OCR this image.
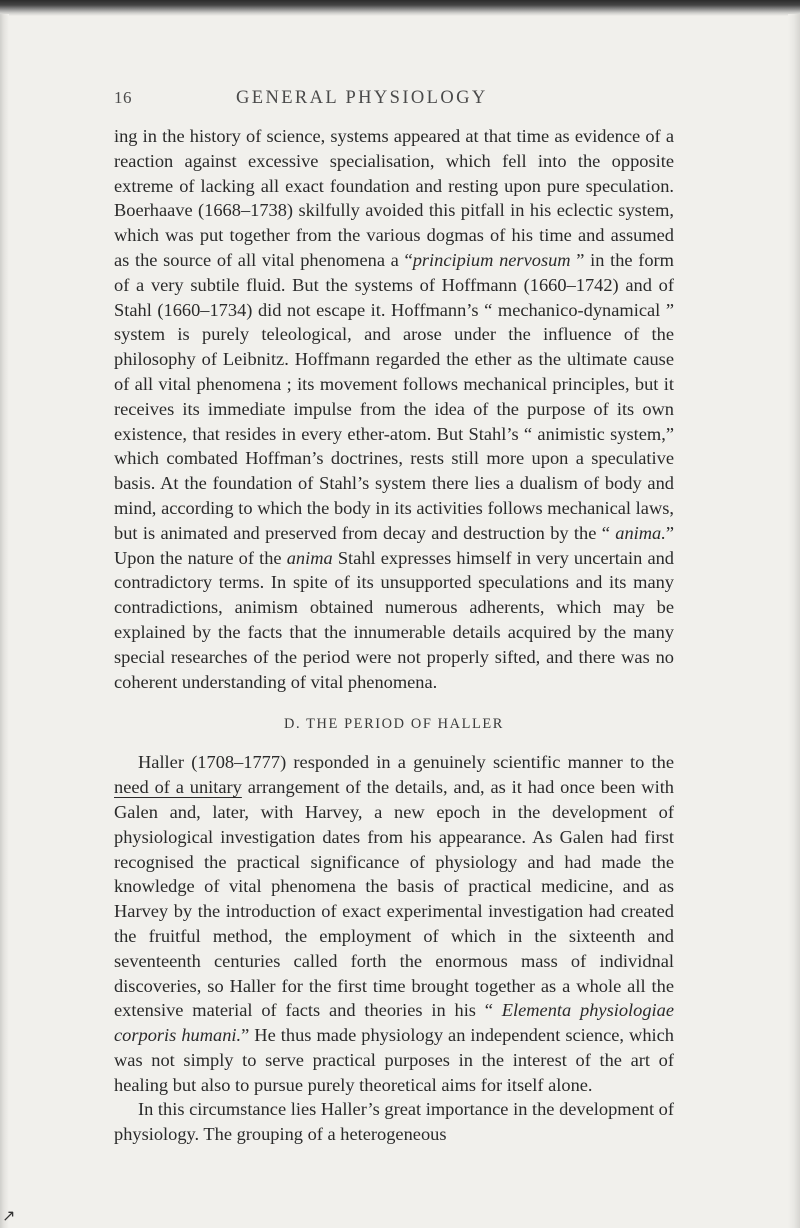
16	GENERAL PHYSIOLOGY

ing in the history of science, systems appeared at that time as evidence of a reaction against excessive specialisation, which fell into the opposite extreme of lacking all exact foundation and resting upon pure speculation. Boerhaave (1668–1738) skilfully avoided this pitfall in his eclectic system, which was put together from the various dogmas of his time and assumed as the source of all vital phenomena a “principium nervosum ” in the form of a very subtile fluid. But the systems of Hoffmann (1660–1742) and of Stahl (1660–1734) did not escape it. Hoffmann’s “ mechanico-dynamical ” system is purely teleological, and arose under the influence of the philosophy of Leibnitz. Hoffmann regarded the ether as the ultimate cause of all vital phenomena ; its movement follows mechanical principles, but it receives its immediate impulse from the idea of the purpose of its own existence, that resides in every ether-atom. But Stahl’s “ animistic system,” which combated Hoffman’s doctrines, rests still more upon a speculative basis. At the foundation of Stahl’s system there lies a dualism of body and mind, according to which the body in its activities follows mechanical laws, but is animated and preserved from decay and destruction by the “ anima.” Upon the nature of the anima Stahl expresses himself in very uncertain and contradictory terms. In spite of its unsupported speculations and its many contradictions, animism obtained numerous adherents, which may be explained by the facts that the innumerable details acquired by the many special researches of the period were not properly sifted, and there was no coherent understanding of vital phenomena.

D. THE PERIOD OF HALLER

Haller (1708–1777) responded in a genuinely scientific manner to the need of a unitary arrangement of the details, and, as it had once been with Galen and, later, with Harvey, a new epoch in the development of physiological investigation dates from his appearance. As Galen had first recognised the practical significance of physiology and had made the knowledge of vital phenomena the basis of practical medicine, and as Harvey by the introduction of exact experimental investigation had created the fruitful method, the employment of which in the sixteenth and seventeenth centuries called forth the enormous mass of individnal discoveries, so Haller for the first time brought together as a whole all the extensive material of facts and theories in his “ Elementa physiologiae corporis humani.” He thus made physiology an independent science, which was not simply to serve practical purposes in the interest of the art of healing but also to pursue purely theoretical aims for itself alone.

In this circumstance lies Haller’s great importance in the development of physiology. The grouping of a heterogeneous

↗
